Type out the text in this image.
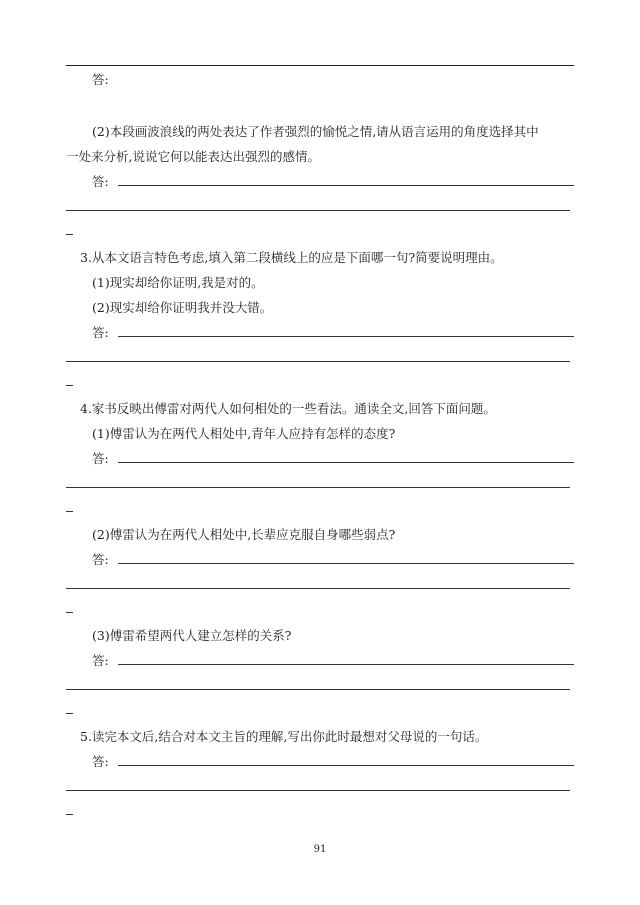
答:
(2)本段画波浪线的两处表达了作者强烈的愉悦之情,请从语言运用的角度选择其中
一处来分析,说说它何以能表达出强烈的感情。
答:
3.从本文语言特色考虑,填入第二段横线上的应是下面哪一句?简要说明理由。
(1)现实却给你证明,我是对的。
(2)现实却给你证明我并没大错。
答:
4.家书反映出傅雷对两代人如何相处的一些看法。通读全文,回答下面问题。
(1)傅雷认为在两代人相处中,青年人应持有怎样的态度?
答:
(2)傅雷认为在两代人相处中,长辈应克服自身哪些弱点?
答:
(3)傅雷希望两代人建立怎样的关系?
答:
5.读完本文后,结合对本文主旨的理解,写出你此时最想对父母说的一句话。
答:
91
